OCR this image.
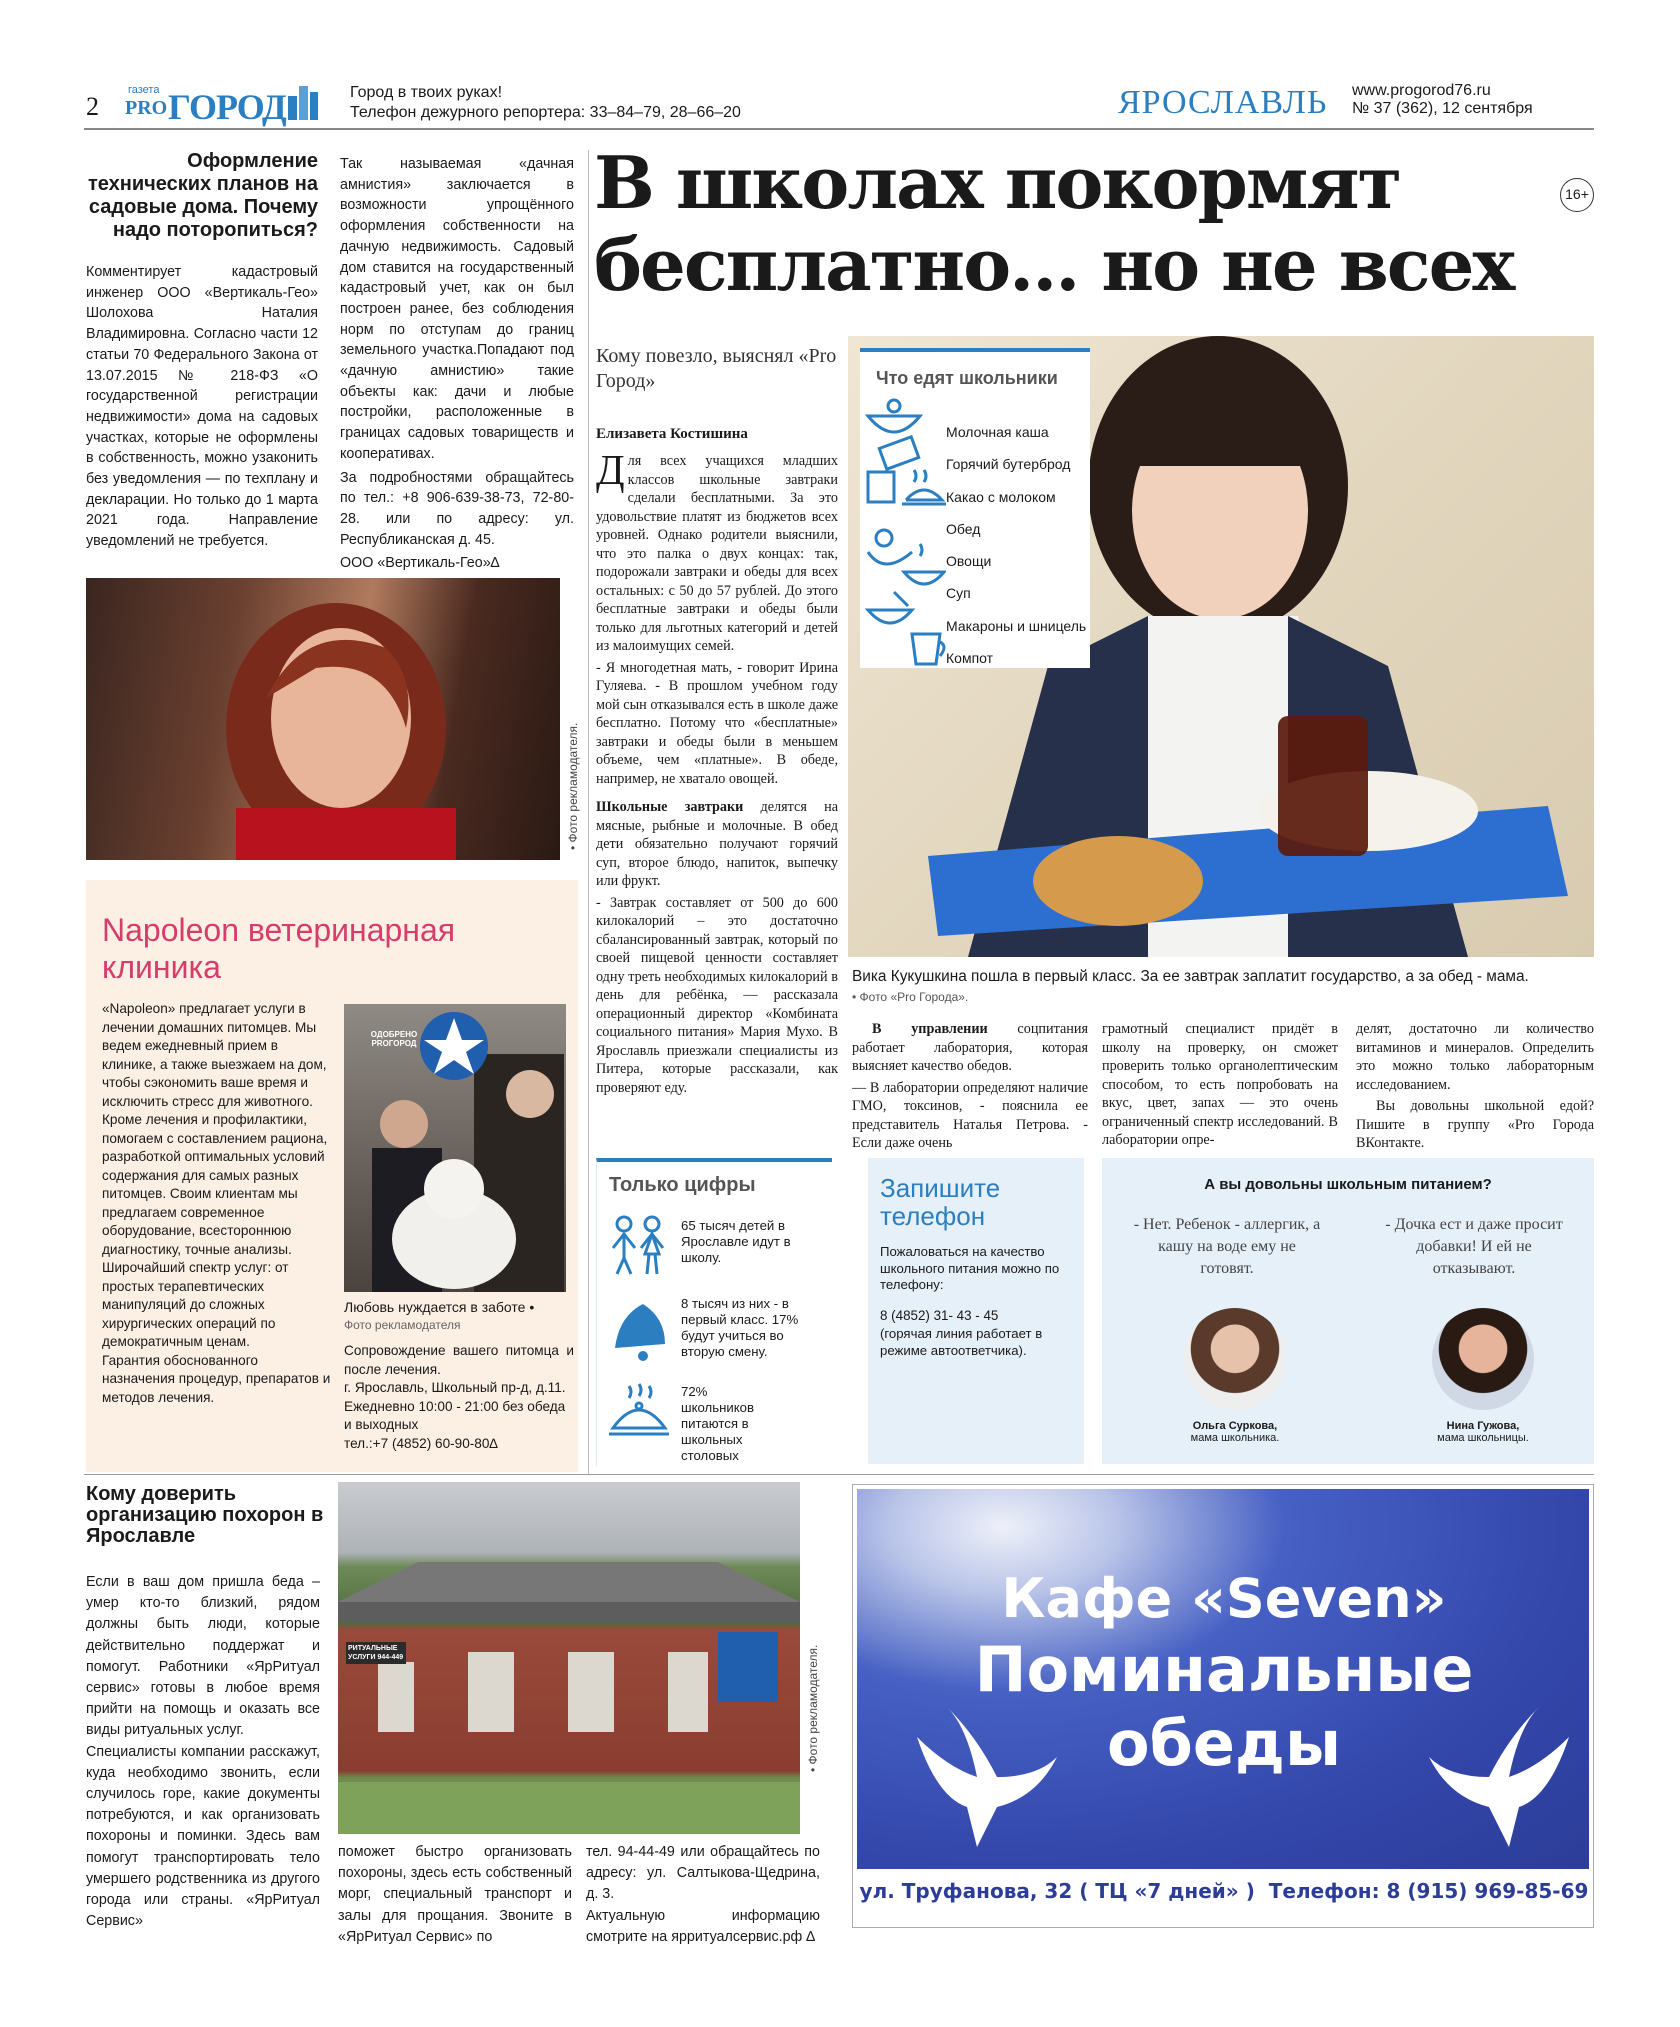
2
газета
PRO ГОРОД	Город в твоих руках!
Телефон дежурного репортера: 33–84–79, 28–66–20	ЯРОСЛАВЛЬ www.progorod76.ru
№ 37 (362), 12 сентября
Оформление технических планов на садовые дома. Почему надо поторопиться?
Комментирует кадастровый инженер ООО «Вертикаль-Гео» Шолохова Наталия Владимировна. Согласно части 12 статьи 70 Федерального Закона от 13.07.2015 № 218-ФЗ «О государственной регистрации недвижимости» дома на садовых участках, которые не оформлены в собственность, можно узаконить без уведомления — по техплану и декларации. Но только до 1 марта 2021 года. Направление уведомлений не требуется.

Так называемая «дачная амнистия» заключается в возможности упрощённого оформления собственности на дачную недвижимость. Садовый дом ставится на государственный кадастровый учет, как он был построен ранее, без соблюдения норм по отступам до границ земельного участка.Попадают под «дачную амнистию» такие объекты как: дачи и любые постройки, расположенные в границах садовых товариществ и кооперативах.

За подробностями обращайтесь по тел.: +8 906-639-38-73, 72-80-28. или по адресу: ул. Республиканская д. 45.

ООО «Вертикаль-Гео»∆

• Фото рекламодателя.
Napoleon ветеринарная клиника

«Napoleon» предлагает услуги в лечении домашних питомцев. Мы ведем ежедневный прием в клинике, а также выезжаем на дом, чтобы сэкономить ваше время и исключить стресс для животного. Кроме лечения и профилактики, помогаем с составлением рациона, разработкой оптимальных условий содержания для самых разных питомцев. Своим клиентам мы предлагаем современное оборудование, всестороннюю диагностику, точные анализы.

Широчайший спектр услуг: от простых терапевтических манипуляций до сложных хирургических операций по демократичным ценам.

Гарантия обоснованного назначения процедур, препаратов и методов лечения.

ОДОБРЕНО PROГОРОД
Любовь нуждается в заботе •
Фото рекламодателя

Сопровождение вашего питомца и после лечения.

г. Ярославль, Школьный пр-д, д.11. Ежедневно 10:00 - 21:00 без обеда и выходных

тел.:+7 (4852) 60-90-80∆

В школах покормят
бесплатно... но не всех
16+
Кому повезло, выяснял «Pro Город»
Елизавета Костишина

Для всех учащихся младших классов школьные завтраки сделали бесплатными. За это удовольствие платят из бюджетов всех уровней. Однако родители выяснили, что это палка о двух концах: так, подорожали завтраки и обеды для всех остальных: с 50 до 57 рублей. До этого бесплатные завтраки и обеды были только для льготных категорий и детей из малоимущих семей.

- Я многодетная мать, - говорит Ирина Гуляева. - В прошлом учебном году мой сын отказывался есть в школе даже бесплатно. Потому что «бесплатные» завтраки и обеды были в меньшем объеме, чем «платные». В обеде, например, не хватало овощей.

Школьные завтраки делятся на мясные, рыбные и молочные. В обед дети обязательно получают горячий суп, второе блюдо, напиток, выпечку или фрукт.

- Завтрак составляет от 500 до 600 килокалорий – это достаточно сбалансированный завтрак, который по своей пищевой ценности составляет одну треть необходимых килокалорий в день для ребёнка, — рассказала операционный директор «Комбината социального питания» Мария Мухо. В Ярославль приезжали специалисты из Питера, которые рассказали, как проверяют еду.

Что едят школьники
Молочная каша
Горячий бутерброд
Какао с молоком
Обед
Овощи
Суп
Макароны и шницель
Компот
Вика Кукушкина пошла в первый класс. За ее завтрак заплатит государство, а за обед - мама.
• Фото «Pro Города».

В управлении соцпитания работает лаборатория, которая выясняет качество обедов.

— В лаборатории определяют наличие ГМО, токсинов, - пояснила ее представитель Наталья Петрова. - Если даже очень

грамотный специалист придёт в школу на проверку, он сможет проверить только органолептическим способом, то есть попробовать на вкус, цвет, запах — это очень ограниченный спектр исследований. В лаборатории опре-

делят, достаточно ли количество витаминов и минералов. Определить это можно только лабораторным исследованием.

Вы довольны школьной едой? Пишите в группу «Pro Города ВКонтакте.

Только цифры
65 тысяч детей в Ярославле идут в школу.
8 тысяч из них - в первый класс. 17% будут учиться во вторую смену.
72% школьников питаются в школьных столовых
Запишите телефон
Пожаловаться на качество школьного питания можно по телефону:
8 (4852) 31- 43 - 45
(горячая линия работает в режиме автоответчика).
А вы довольны школьным питанием?
- Нет. Ребенок - аллергик, а кашу на воде ему не готовят.
- Дочка ест и даже просит добавки! И ей не отказывают.
Ольга Суркова,
мама школьника.
Нина Гужова,
мама школьницы.
Кому доверить организацию похорон в Ярославле

Если в ваш дом пришла беда – умер кто-то близкий, рядом должны быть люди, которые действительно поддержат и помогут. Работники «ЯрРитуал сервис» готовы в любое время прийти на помощь и оказать все виды ритуальных услуг.

Специалисты компании расскажут, куда необходимо звонить, если случилось горе, какие документы потребуются, и как организовать похороны и поминки. Здесь вам помогут транспортировать тело умершего родственника из другого города или страны. «ЯрРитуал Сервис»

РИТУАЛЬНЫЕ УСЛУГИ 944-449	• Фото рекламодателя.
поможет быстро организовать похороны, здесь есть собственный морг, специальный транспорт и залы для прощания. Звоните в «ЯрРитуал Сервис» по

тел. 94-44-49 или обращайтесь по адресу: ул. Салтыкова-Щедрина, д. 3.

Актуальную информацию смотрите на ярритуалсервис.рф ∆

Кафе «Seven»
Поминальные
обеды
ул. Труфанова, 32 ( ТЦ «7 дней» )  Телефон: 8 (915) 969-85-69
